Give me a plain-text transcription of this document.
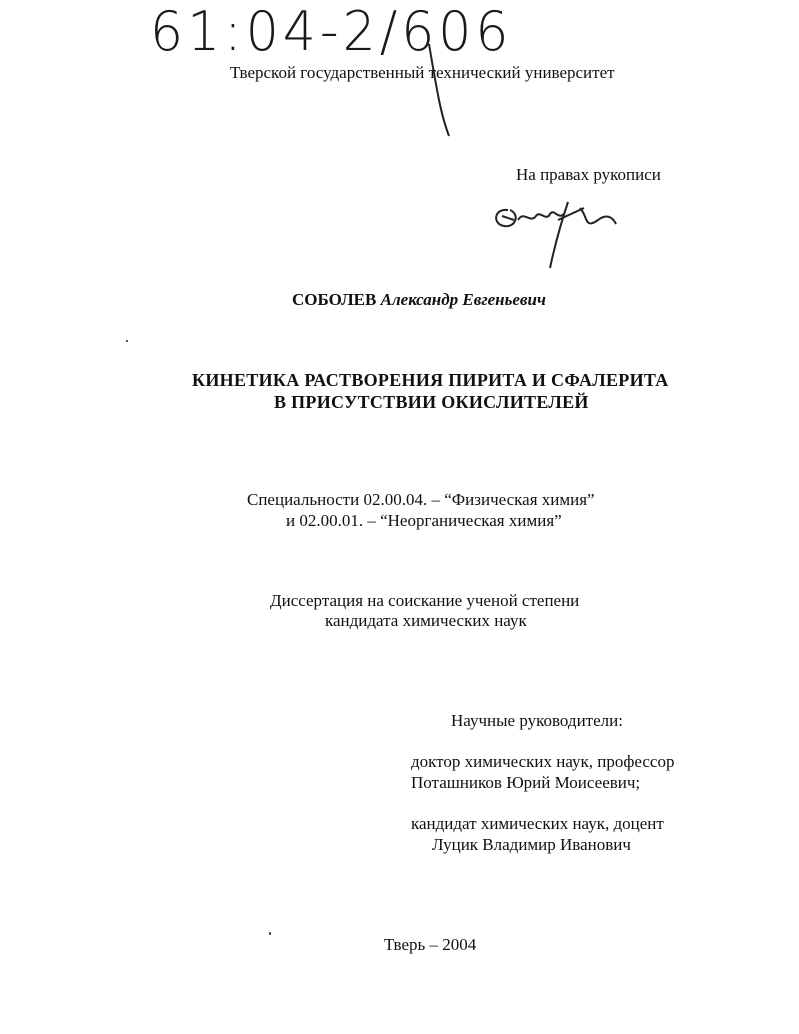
61:04-2/606
Тверской государственный технический университет
На правах рукописи
СОБОЛЕВ Александр Евгеньевич
КИНЕТИКА РАСТВОРЕНИЯ ПИРИТА И СФАЛЕРИТА
В ПРИСУТСТВИИ ОКИСЛИТЕЛЕЙ
Специальности 02.00.04. – “Физическая химия”
и 02.00.01. – “Неорганическая химия”
Диссертация на соискание ученой степени
кандидата химических наук
Научные руководители:
доктор химических наук, профессор
Поташников Юрий Моисеевич;
кандидат химических наук, доцент
Луцик Владимир Иванович
Тверь – 2004
